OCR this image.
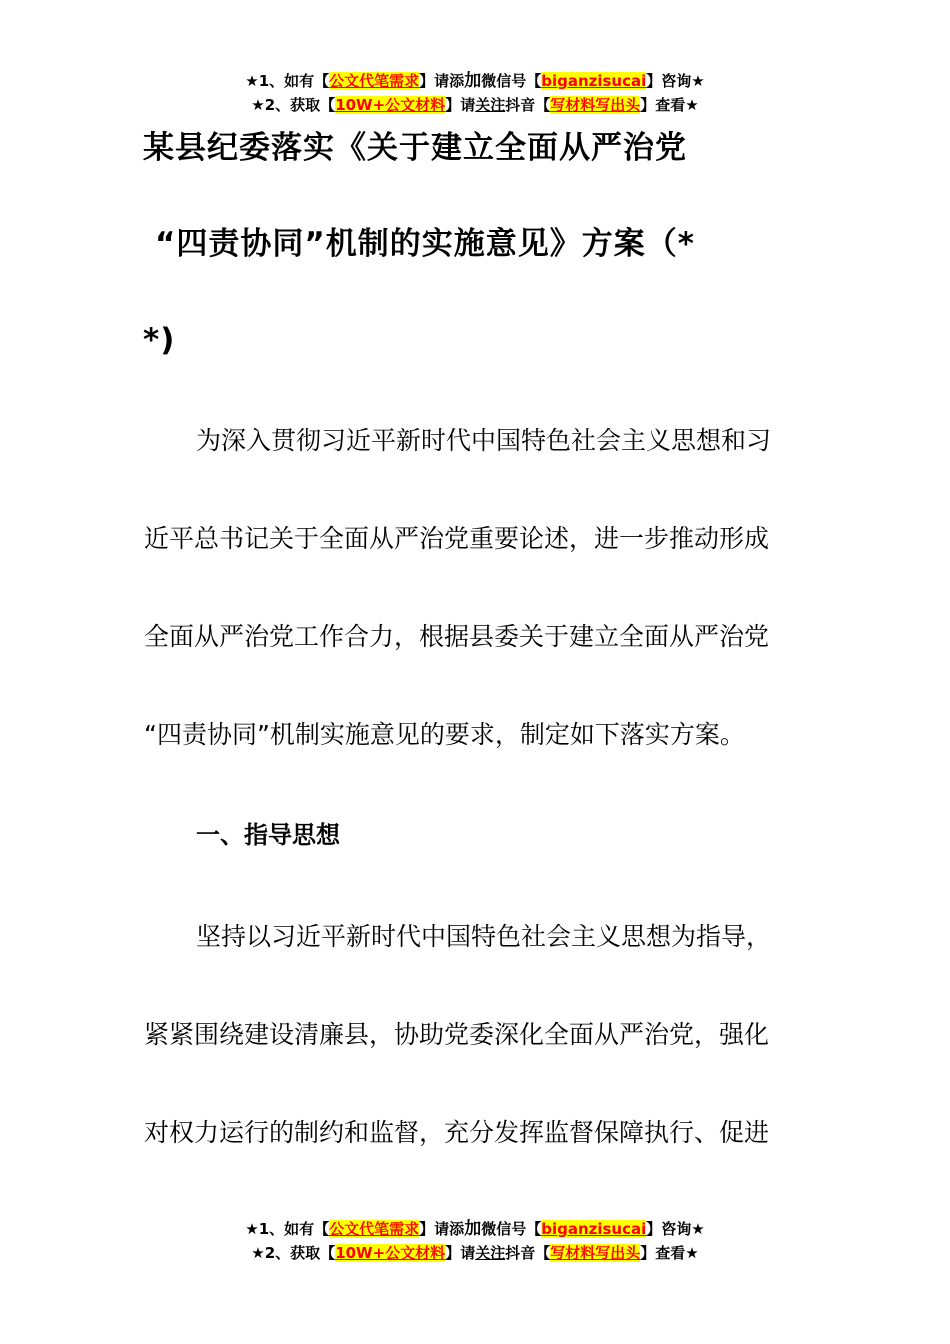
★1、如有【公文代笔需求】请添加微信号【biganzisucai】咨询★
★2、获取【10W+公文材料】请关注抖音【写材料写出头】查看★
某县纪委落实《关于建立全面从严治党
“四责协同”机制的实施意见》方案（*
*)
为深入贯彻习近平新时代中国特色社会主义思想和习
近平总书记关于全面从严治党重要论述，进一步推动形成
全面从严治党工作合力，根据县委关于建立全面从严治党
“四责协同”机制实施意见的要求，制定如下落实方案。
一、指导思想
坚持以习近平新时代中国特色社会主义思想为指导，
紧紧围绕建设清廉县，协助党委深化全面从严治党，强化
对权力运行的制约和监督，充分发挥监督保障执行、促进
★1、如有【公文代笔需求】请添加微信号【biganzisucai】咨询★
★2、获取【10W+公文材料】请关注抖音【写材料写出头】查看★
